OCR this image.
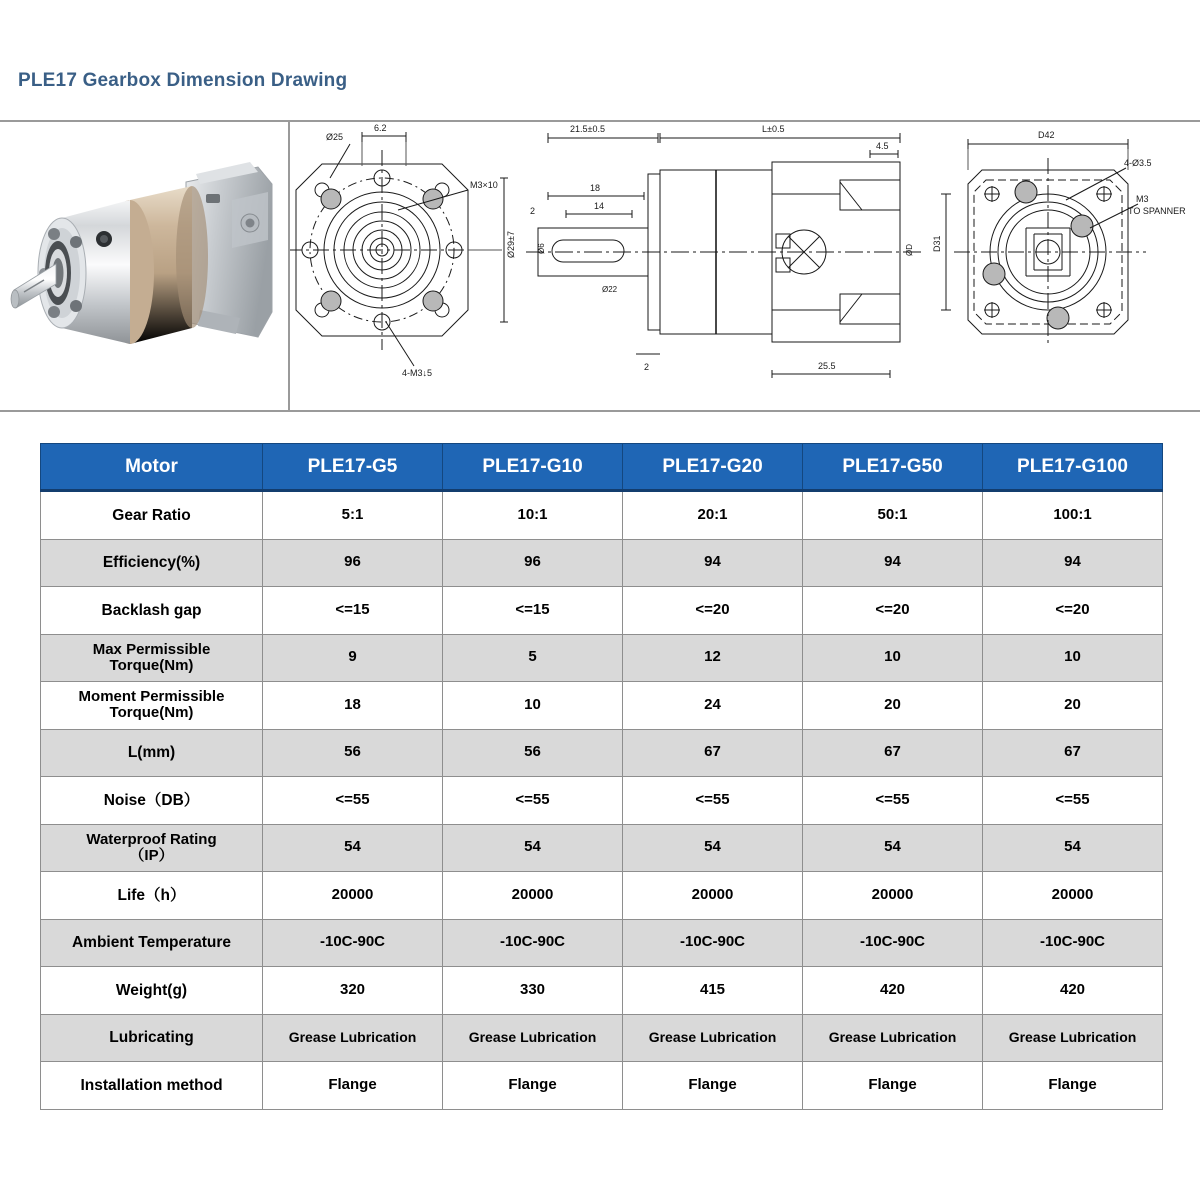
PLE17 Gearbox Dimension Drawing
Ø25
M3×10
4-M3↓5
6.2
Ø29±7
21.5±0.5	L±0.5
4.5
18
14
2
Ø6
Ø22
ØD
25.5
2
D42
D31
4-Ø3.5
M3
TO SPANNER
Motor	PLE17-G5	PLE17-G10	PLE17-G20	PLE17-G50	PLE17-G100
Gear Ratio	5:1	10:1	20:1	50:1	100:1
Efficiency(%)	96	96	94	94	94
Backlash gap	<=15	<=15	<=20	<=20	<=20
Max Permissible
Torque(Nm)	9	5	12	10	10
Moment Permissible
Torque(Nm)	18	10	24	20	20
L(mm)	56	56	67	67	67
Noise（DB）	<=55	<=55	<=55	<=55	<=55
Waterproof Rating
（IP）	54	54	54	54	54
Life（h）	20000	20000	20000	20000	20000
Ambient Temperature	-10C-90C	-10C-90C	-10C-90C	-10C-90C	-10C-90C
Weight(g)	320	330	415	420	420
Lubricating	Grease Lubrication	Grease Lubrication	Grease Lubrication	Grease Lubrication	Grease Lubrication
Installation method	Flange	Flange	Flange	Flange	Flange
